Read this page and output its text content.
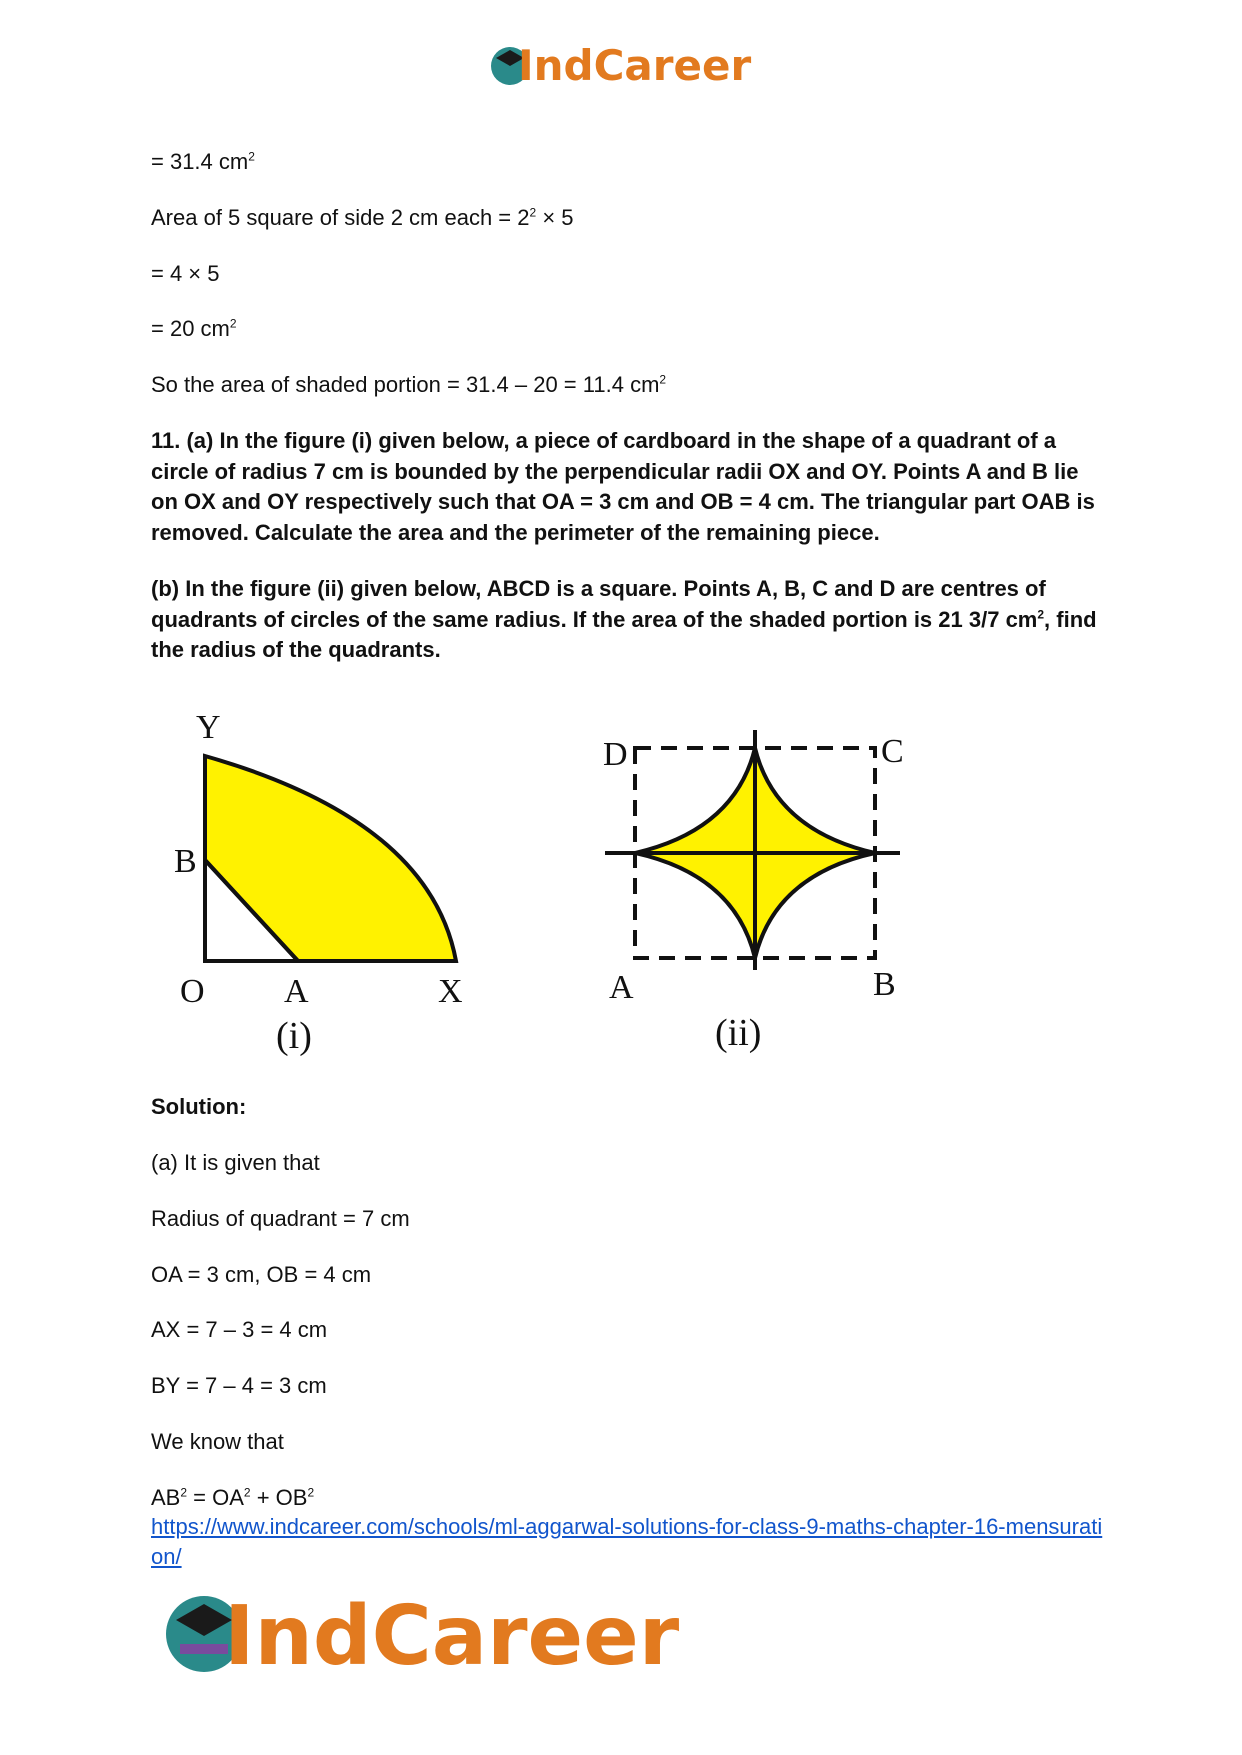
IndCareer
= 31.4 $cm^2$
Area of 5 square of side 2 cm each = $2^2 \times 5$
= 4 × 5
= 20 $cm^2$
So the area of shaded portion = 31.4 – 20 = 11.4 $cm^2$
11. (a) In the figure (i) given below, a piece of cardboard in the shape of a quadrant of a circle of radius 7 cm is bounded by the perpendicular radii OX and OY. Points A and B lie on OX and OY respectively such that OA = 3 cm and OB = 4 cm. The triangular part OAB is removed. Calculate the area and the perimeter of the remaining piece.
(b) In the figure (ii) given below, ABCD is a square. Points A, B, C and D are centres of quadrants of circles of the same radius. If the area of the shaded portion is 21 3/7 $cm^2$, find the radius of the quadrants.
Y
B
O A	X
(i)
D	C
A	B
(ii)
Solution:
(a) It is given that
Radius of quadrant = 7 cm
OA = 3 cm, OB = 4 cm
AX = 7 – 3 = 4 cm
BY = 7 – 4 = 3 cm
We know that
$AB^2 = OA^2 + OB^2$
https://www.indcareer.com/schools/ml-aggarwal-solutions-for-class-9-maths-chapter-16-mensuration/
IndCareer
